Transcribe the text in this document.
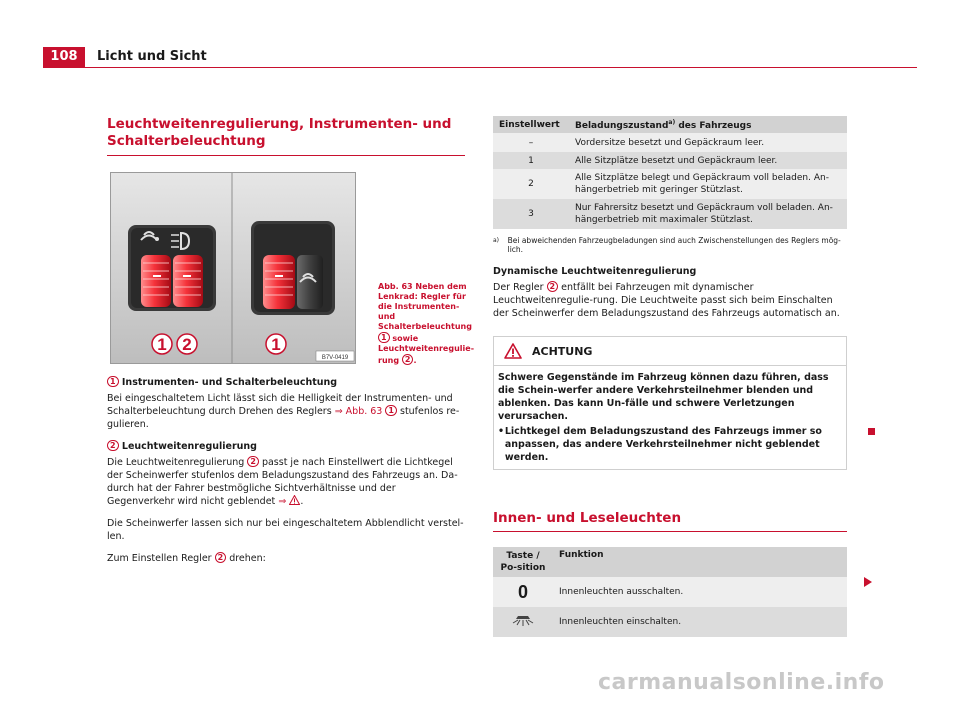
108	Licht und Sicht
Leuchtweitenregulierung, Instrumenten- und Schalterbeleuchtung
1 2	1
B7V-0419
Abb. 63 Neben dem Lenkrad: Regler für die Instrumenten- und Schalterbeleuchtung 1 sowie Leuchtweitenregulie-rung 2 .
1 Instrumenten- und Schalterbeleuchtung
Bei eingeschaltetem Licht lässt sich die Helligkeit der Instrumenten- und Schalterbeleuchtung durch Drehen des Reglers ⇒ Abb. 63 1 stufenlos re-gulieren.
2 Leuchtweitenregulierung
Die Leuchtweitenregulierung 2 passt je nach Einstellwert die Lichtkegel der Scheinwerfer stufenlos dem Beladungszustand des Fahrzeugs an. Da-durch hat der Fahrer bestmögliche Sichtverhältnisse und der Gegenverkehr wird nicht geblendet ⇒ .
Die Scheinwerfer lassen sich nur bei eingeschaltetem Abblendlicht verstel-len.
Zum Einstellen Regler 2 drehen:
Einstellwert	Beladungszustand$^{a)}$ des Fahrzeugs
–	Vordersitze besetzt und Gepäckraum leer.
1	Alle Sitzplätze besetzt und Gepäckraum leer.
2	Alle Sitzplätze belegt und Gepäckraum voll beladen. An-hängerbetrieb mit geringer Stützlast.
3	Nur Fahrersitz besetzt und Gepäckraum voll beladen. An-hängerbetrieb mit maximaler Stützlast.
a)	Bei abweichenden Fahrzeugbeladungen sind auch Zwischenstellungen des Reglers mög-lich.
Dynamische Leuchtweitenregulierung
Der Regler 2 entfällt bei Fahrzeugen mit dynamischer Leuchtweitenregulie-rung. Die Leuchtweite passt sich beim Einschalten der Scheinwerfer dem Beladungszustand des Fahrzeugs automatisch an.
ACHTUNG
Schwere Gegenstände im Fahrzeug können dazu führen, dass die Schein-werfer andere Verkehrsteilnehmer blenden und ablenken. Das kann Un-fälle und schwere Verletzungen verursachen.
• Lichtkegel dem Beladungszustand des Fahrzeugs immer so anpassen, das andere Verkehrsteilnehmer nicht geblendet werden.
Innen- und Leseleuchten
Taste / Po-sition	Funktion
0	Innenleuchten ausschalten.
	Innenleuchten einschalten.
carmanualsonline.info
